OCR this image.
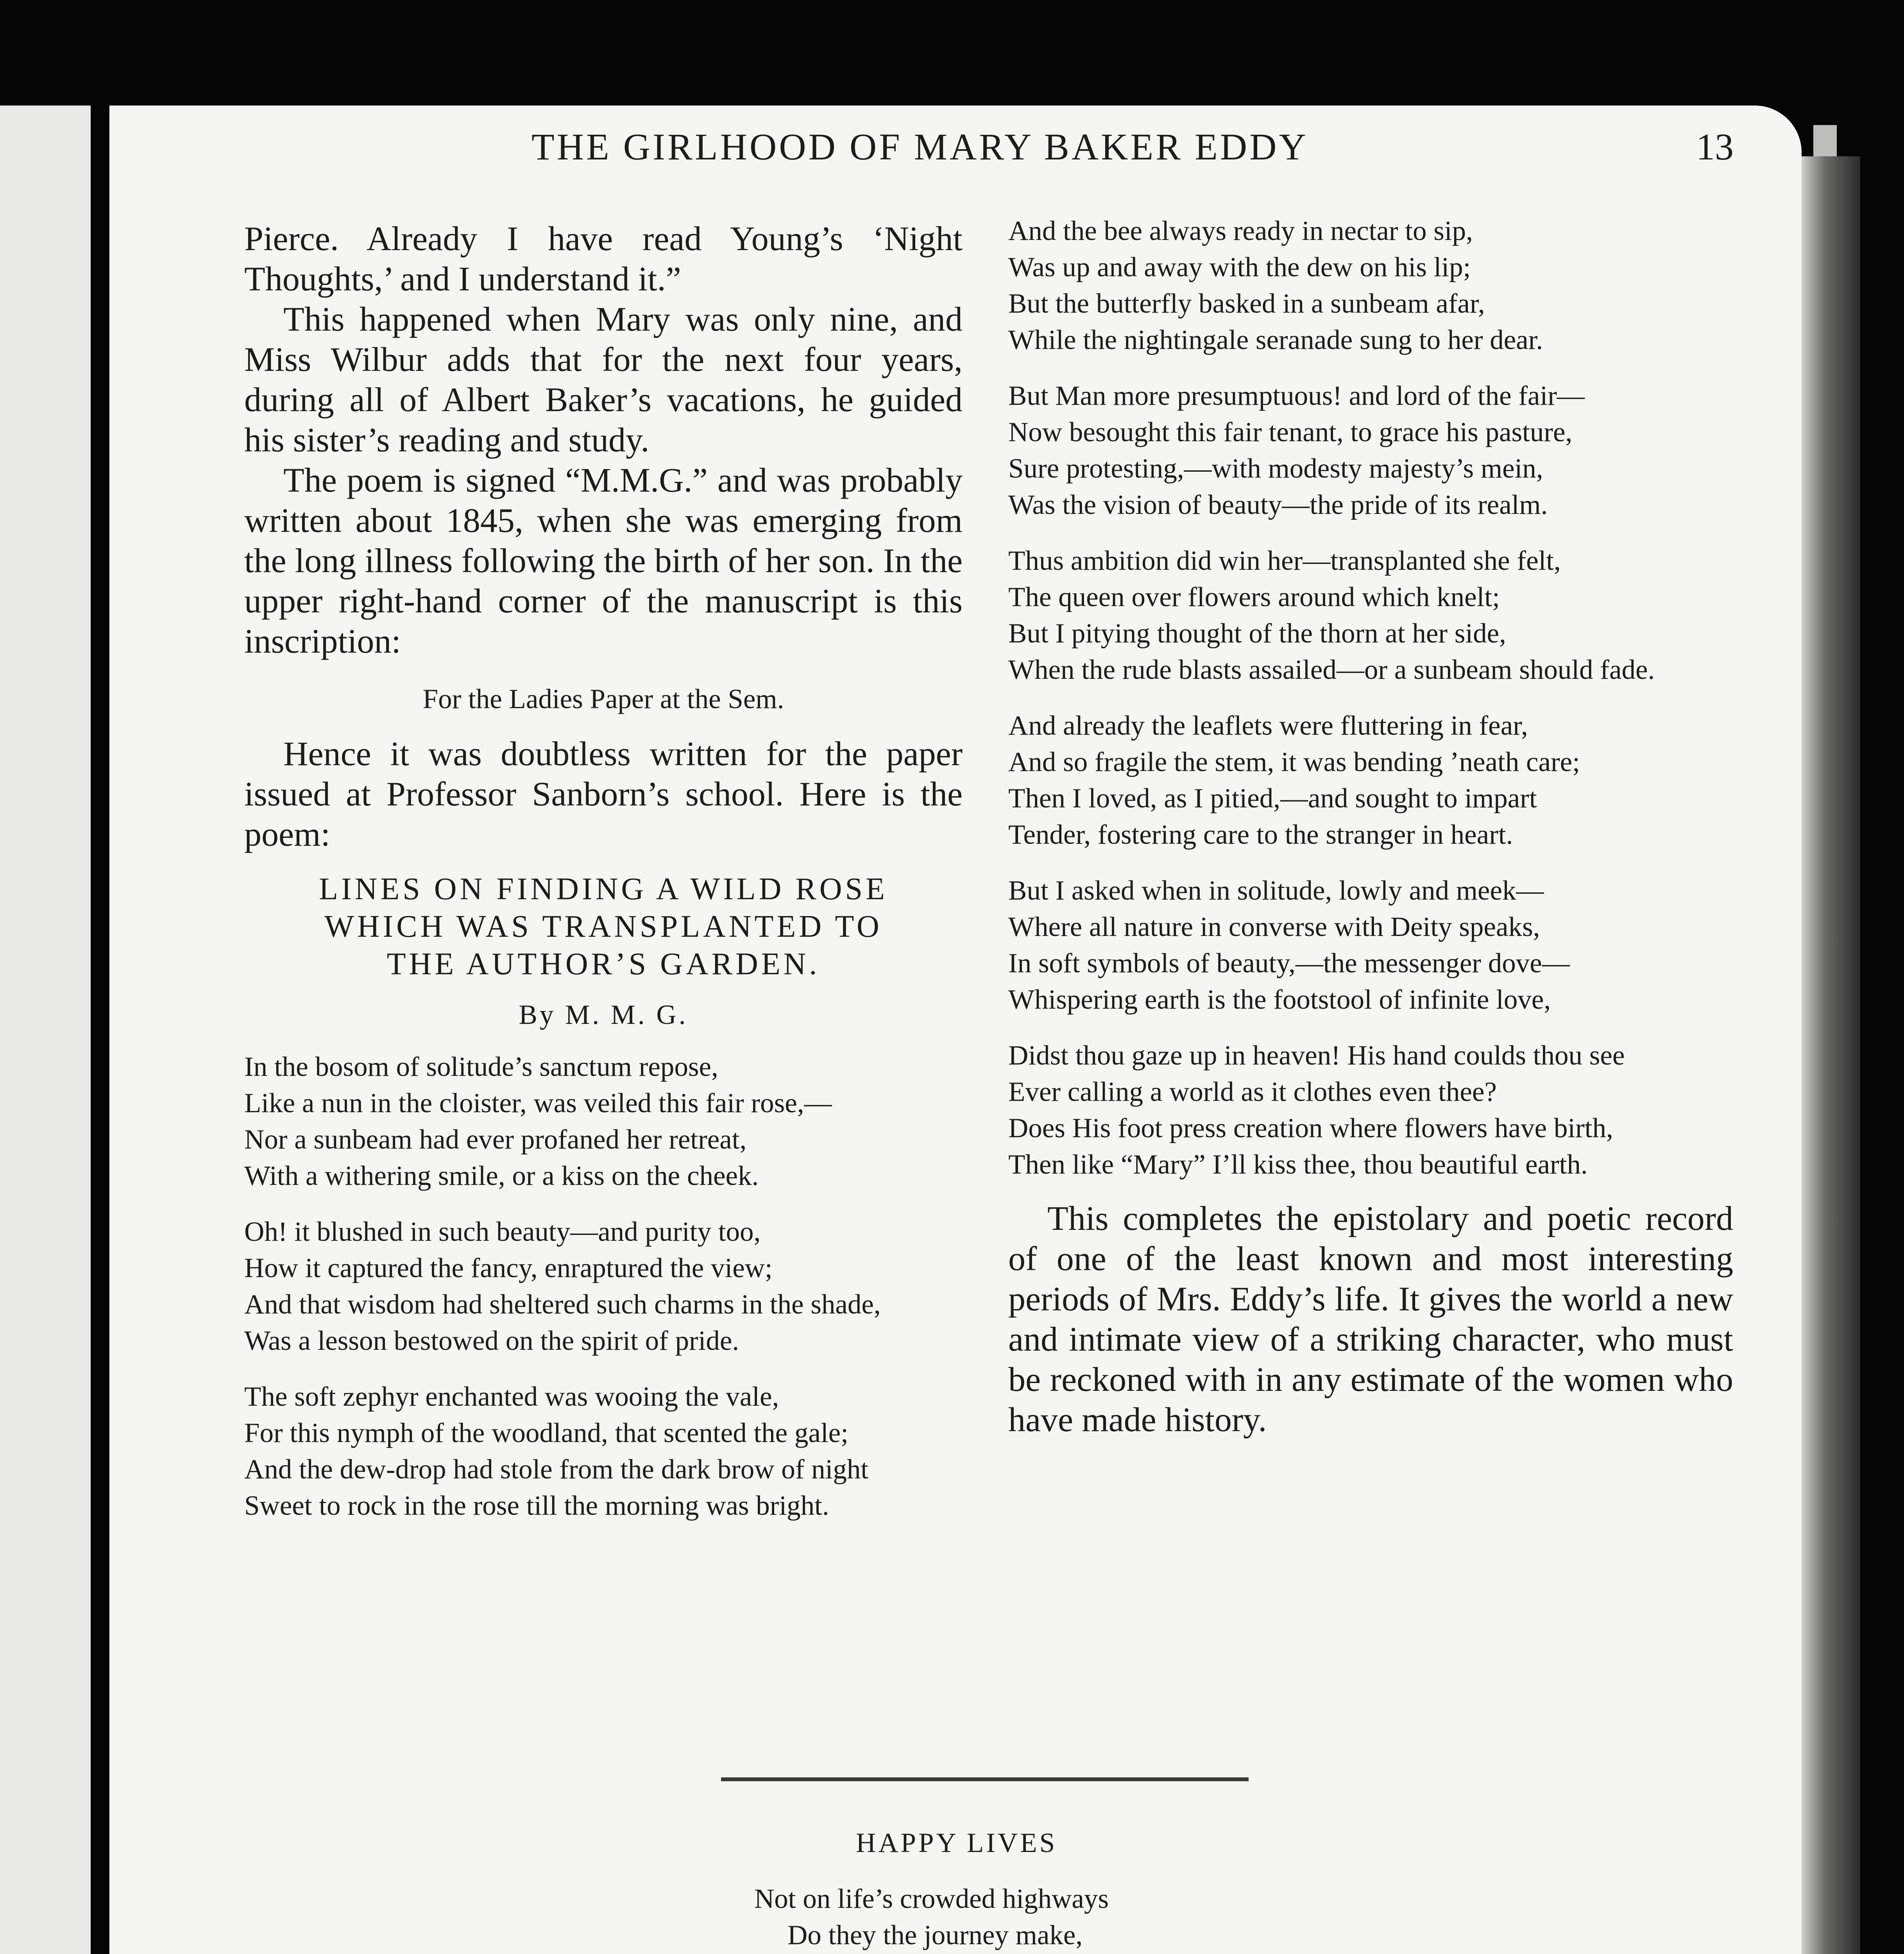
THE GIRLHOOD OF MARY BAKER EDDY	13

Pierce. Already I have read Young’s ‘Night Thoughts,’ and I understand it.”

This happened when Mary was only nine, and Miss Wilbur adds that for the next four years, during all of Albert Baker’s vacations, he guided his sister’s reading and study.

The poem is signed “M.M.G.” and was probably written about 1845, when she was emerging from the long illness following the birth of her son. In the upper right-hand corner of the manuscript is this inscription:

For the Ladies Paper at the Sem.

Hence it was doubtless written for the paper issued at Professor Sanborn’s school. Here is the poem:

LINES ON FINDING A WILD ROSE
WHICH WAS TRANSPLANTED TO
THE AUTHOR’S GARDEN.
By M. M. G.
In the bosom of solitude’s sanctum repose,
Like a nun in the cloister, was veiled this fair rose,—
Nor a sunbeam had ever profaned her retreat,
With a withering smile, or a kiss on the cheek.
Oh! it blushed in such beauty—and purity too,
How it captured the fancy, enraptured the view;
And that wisdom had sheltered such charms in the shade,
Was a lesson bestowed on the spirit of pride.
The soft zephyr enchanted was wooing the vale,
For this nymph of the woodland, that scented the gale;
And the dew-drop had stole from the dark brow of night
Sweet to rock in the rose till the morning was bright.
And the bee always ready in nectar to sip,
Was up and away with the dew on his lip;
But the butterfly basked in a sunbeam afar,
While the nightingale seranade sung to her dear.
But Man more presumptuous! and lord of the fair—
Now besought this fair tenant, to grace his pasture,
Sure protesting,—with modesty majesty’s mein,
Was the vision of beauty—the pride of its realm.
Thus ambition did win her—transplanted she felt,
The queen over flowers around which knelt;
But I pitying thought of the thorn at her side,
When the rude blasts assailed—or a sunbeam should fade.
And already the leaflets were fluttering in fear,
And so fragile the stem, it was bending ’neath care;
Then I loved, as I pitied,—and sought to impart
Tender, fostering care to the stranger in heart.
But I asked when in solitude, lowly and meek—
Where all nature in converse with Deity speaks,
In soft symbols of beauty,—the messenger dove—
Whispering earth is the footstool of infinite love,
Didst thou gaze up in heaven! His hand coulds thou see
Ever calling a world as it clothes even thee?
Does His foot press creation where flowers have birth,
Then like “Mary” I’ll kiss thee, thou beautiful earth.

This completes the epistolary and poetic record of one of the least known and most interesting periods of Mrs. Eddy’s life. It gives the world a new and intimate view of a striking character, who must be reckoned with in any estimate of the women who have made history.

HAPPY LIVES
Not on life’s crowded highways
Do they the journey make,
